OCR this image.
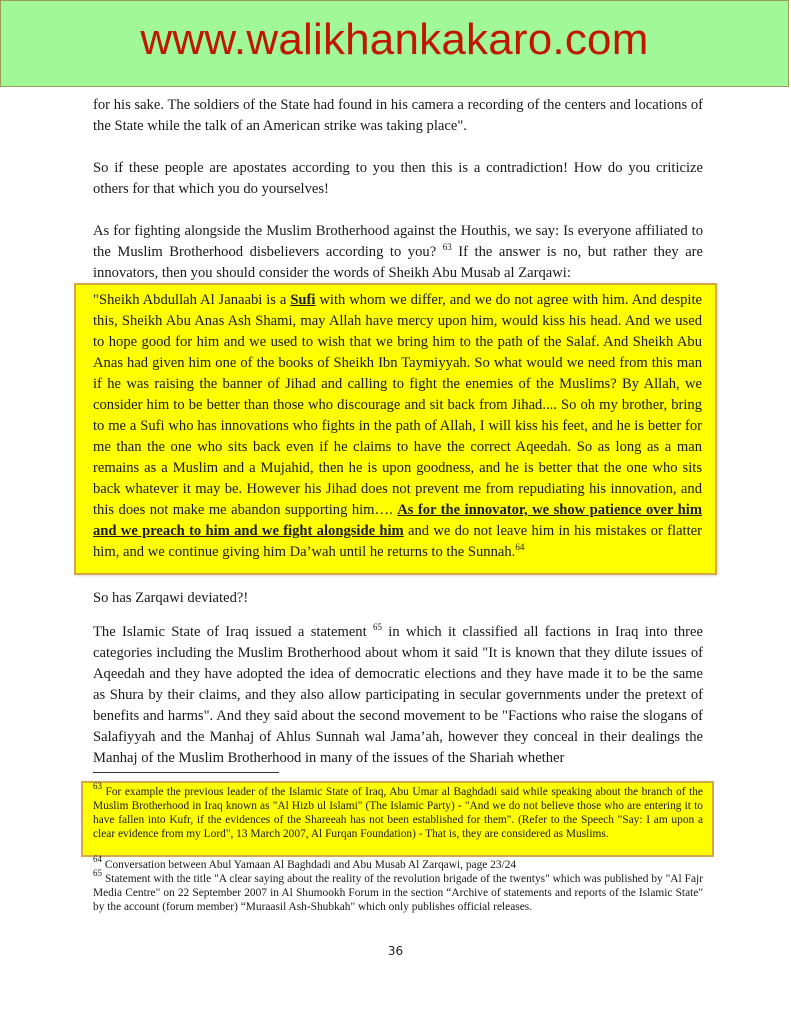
www.walikhankakaro.com
for his sake. The soldiers of the State had found in his camera a recording of the centers and locations of the State while the talk of an American strike was taking place".
So if these people are apostates according to you then this is a contradiction! How do you criticize others for that which you do yourselves!
As for fighting alongside the Muslim Brotherhood against the Houthis, we say: Is everyone affiliated to the Muslim Brotherhood disbelievers according to you? $^{63}$ If the answer is no, but rather they are innovators, then you should consider the words of Sheikh Abu Musab al Zarqawi:
"Sheikh Abdullah Al Janaabi is a Sufi with whom we differ, and we do not agree with him. And despite this, Sheikh Abu Anas Ash Shami, may Allah have mercy upon him, would kiss his head. And we used to hope good for him and we used to wish that we bring him to the path of the Salaf. And Sheikh Abu Anas had given him one of the books of Sheikh Ibn Taymiyyah. So what would we need from this man if he was raising the banner of Jihad and calling to fight the enemies of the Muslims? By Allah, we consider him to be better than those who discourage and sit back from Jihad.... So oh my brother, bring to me a Sufi who has innovations who fights in the path of Allah, I will kiss his feet, and he is better for me than the one who sits back even if he claims to have the correct Aqeedah. So as long as a man remains as a Muslim and a Mujahid, then he is upon goodness, and he is better that the one who sits back whatever it may be. However his Jihad does not prevent me from repudiating his innovation, and this does not make me abandon supporting him…. As for the innovator, we show patience over him and we preach to him and we fight alongside him and we do not leave him in his mistakes or flatter him, and we continue giving him Da’wah until he returns to the Sunnah.$^{64}$
So has Zarqawi deviated?!
The Islamic State of Iraq issued a statement $^{65}$ in which it classified all factions in Iraq into three categories including the Muslim Brotherhood about whom it said "It is known that they dilute issues of Aqeedah and they have adopted the idea of democratic elections and they have made it to be the same as Shura by their claims, and they also allow participating in secular governments under the pretext of benefits and harms". And they said about the second movement to be "Factions who raise the slogans of Salafiyyah and the Manhaj of Ahlus Sunnah wal Jama’ah, however they conceal in their dealings the Manhaj of the Muslim Brotherhood in many of the issues of the Shariah whether
$^{63}$ For example the previous leader of the Islamic State of Iraq, Abu Umar al Baghdadi said while speaking about the branch of the Muslim Brotherhood in Iraq known as "Al Hizb ul Islami" (The Islamic Party) - "And we do not believe those who are entering it to have fallen into Kufr, if the evidences of the Shareeah has not been established for them". (Refer to the Speech "Say: I am upon a clear evidence from my Lord", 13 March 2007, Al Furqan Foundation) - That is, they are considered as Muslims.
$^{64}$ Conversation between Abul Yamaan Al Baghdadi and Abu Musab Al Zarqawi, page 23/24
$^{65}$ Statement with the title "A clear saying about the reality of the revolution brigade of the twentys" which was published by "Al Fajr Media Centre" on 22 September 2007 in Al Shumookh Forum in the section “Archive of statements and reports of the Islamic State" by the account (forum member) “Muraasil Ash-Shubkah" which only publishes official releases.
36
